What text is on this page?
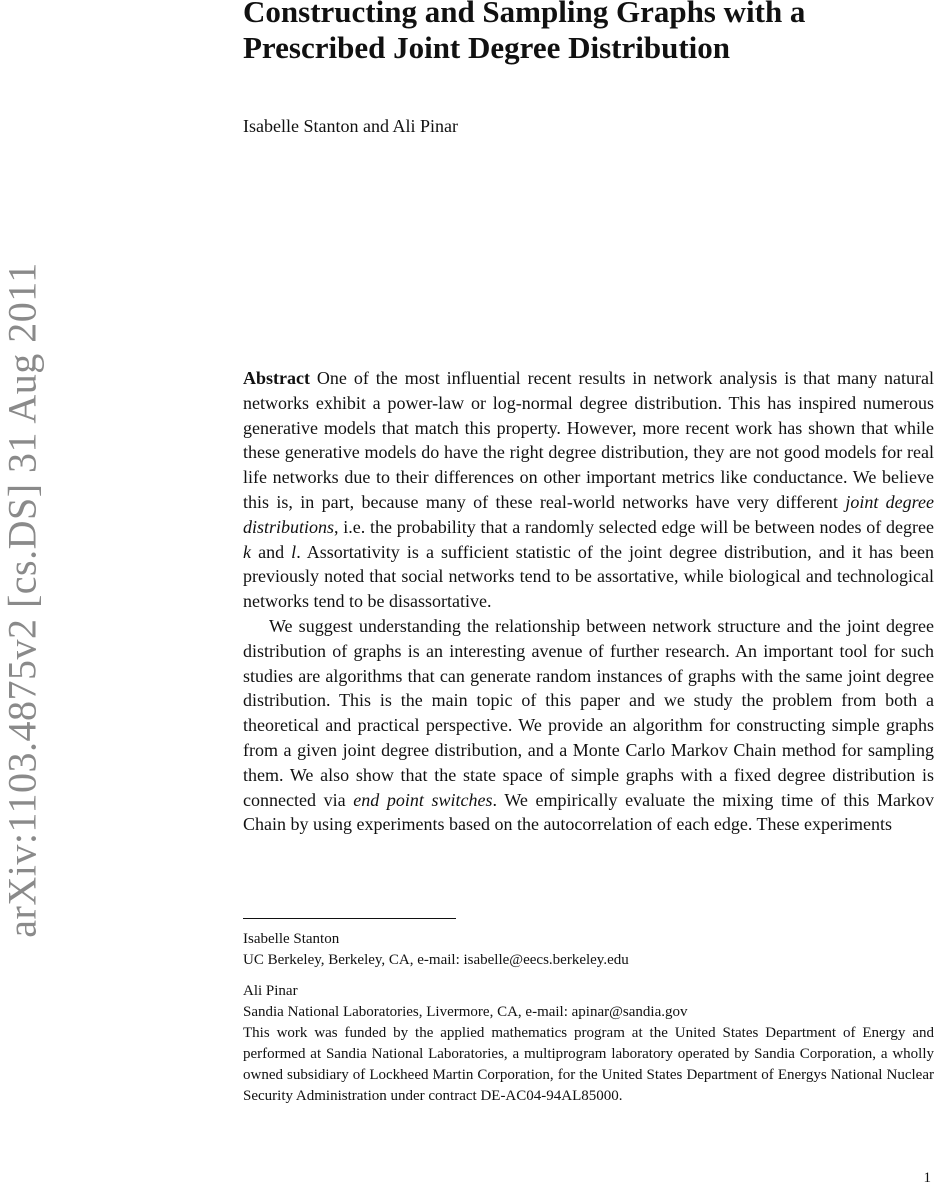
arXiv:1103.4875v2 [cs.DS] 31 Aug 2011
Constructing and Sampling Graphs with a
Prescribed Joint Degree Distribution
Isabelle Stanton and Ali Pinar

Abstract One of the most influential recent results in network analysis is that many natural networks exhibit a power-law or log-normal degree distribution. This has inspired numerous generative models that match this property. However, more recent work has shown that while these generative models do have the right degree distribution, they are not good models for real life networks due to their differences on other important metrics like conductance. We believe this is, in part, because many of these real-world networks have very different joint degree distributions, i.e. the probability that a randomly selected edge will be between nodes of degree k and l. Assortativity is a sufficient statistic of the joint degree distribution, and it has been previously noted that social networks tend to be assortative, while biological and technological networks tend to be disassortative.

We suggest understanding the relationship between network structure and the joint degree distribution of graphs is an interesting avenue of further research. An important tool for such studies are algorithms that can generate random instances of graphs with the same joint degree distribution. This is the main topic of this paper and we study the problem from both a theoretical and practical perspective. We provide an algorithm for constructing simple graphs from a given joint degree distribution, and a Monte Carlo Markov Chain method for sampling them. We also show that the state space of simple graphs with a fixed degree distribution is connected via end point switches. We empirically evaluate the mixing time of this Markov Chain by using experiments based on the autocorrelation of each edge. These experiments

Isabelle Stanton
UC Berkeley, Berkeley, CA, e-mail: isabelle@eecs.berkeley.edu
Ali Pinar
Sandia National Laboratories, Livermore, CA, e-mail: apinar@sandia.gov
This work was funded by the applied mathematics program at the United States Department of Energy and performed at Sandia National Laboratories, a multiprogram laboratory operated by Sandia Corporation, a wholly owned subsidiary of Lockheed Martin Corporation, for the United States Department of Energys National Nuclear Security Administration under contract DE-AC04-94AL85000.
1
